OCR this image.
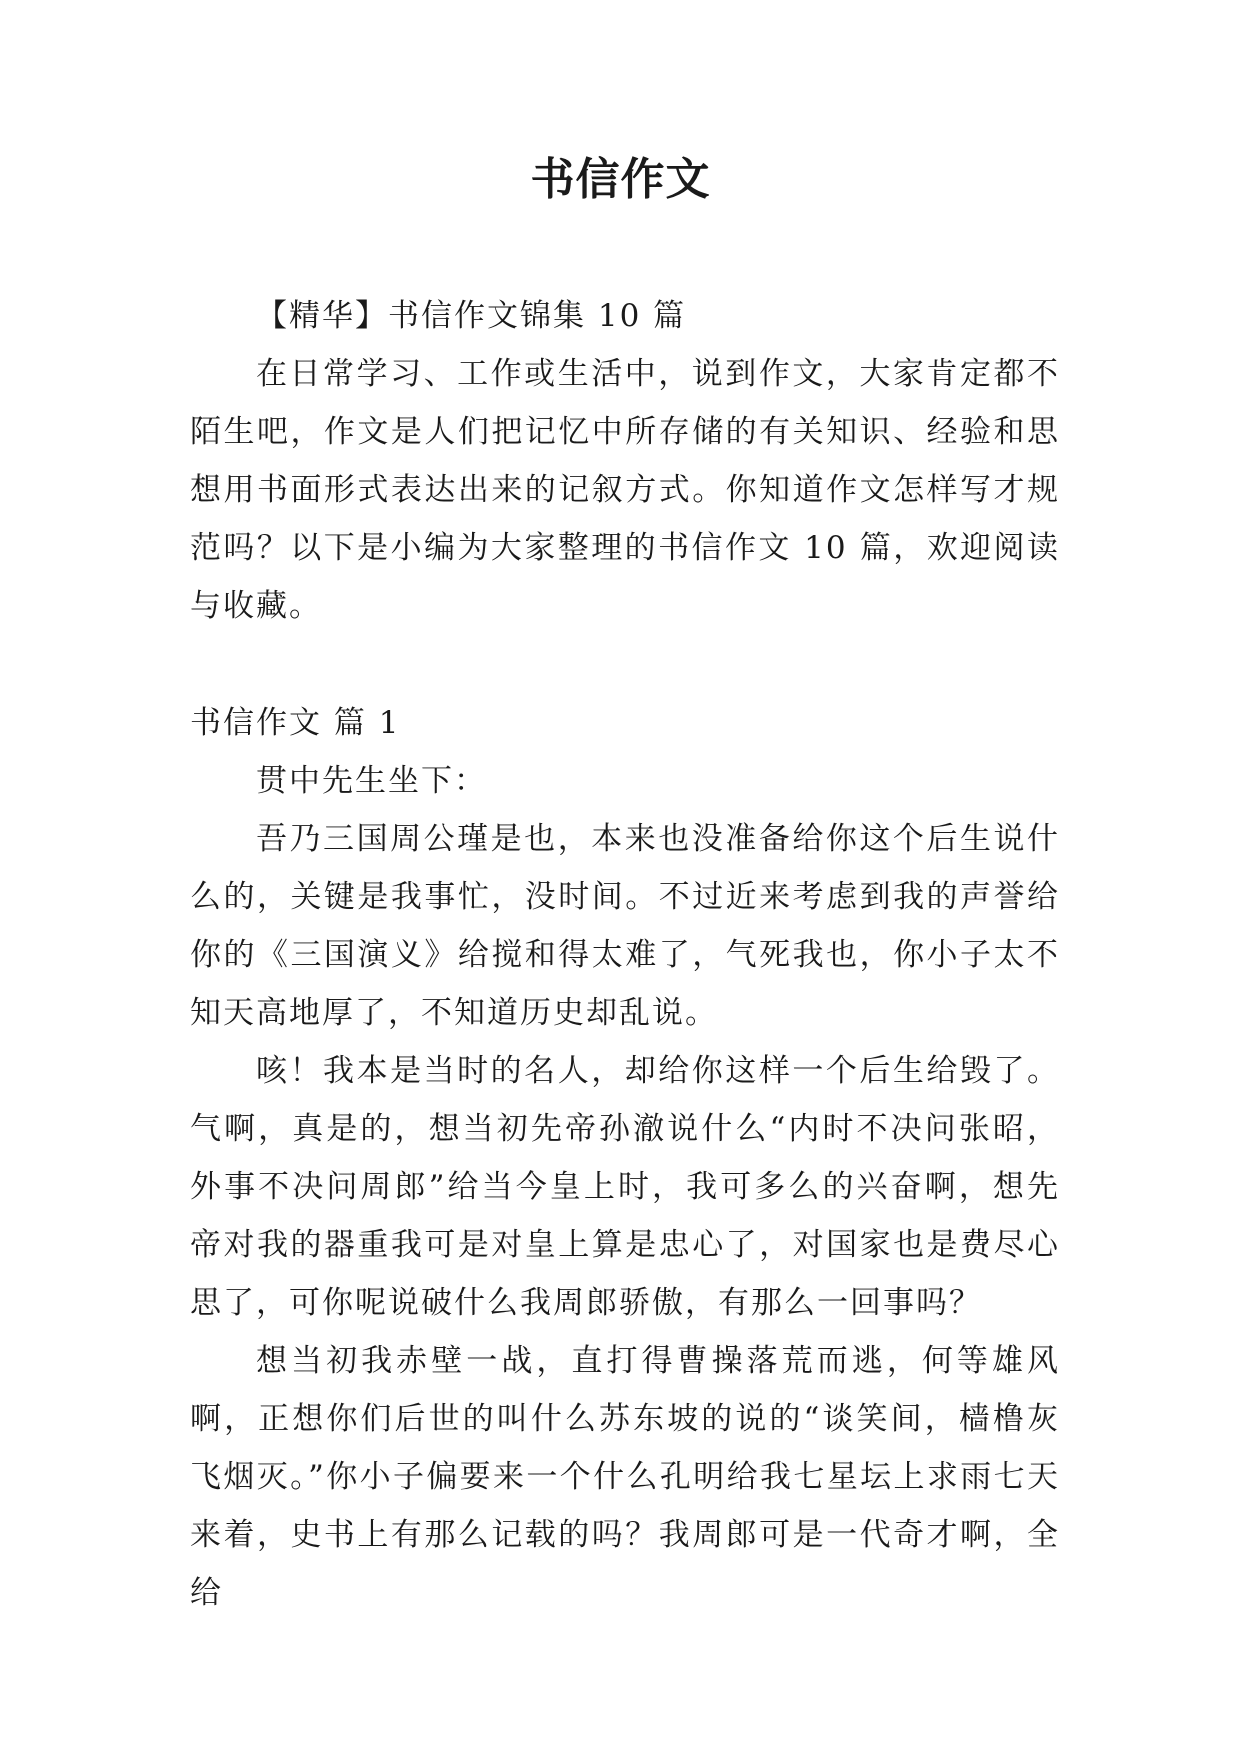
书信作文

【精华】书信作文锦集 10 篇

在日常学习、工作或生活中，说到作文，大家肯定都不陌生吧，作文是人们把记忆中所存储的有关知识、经验和思想用书面形式表达出来的记叙方式。你知道作文怎样写才规范吗？以下是小编为大家整理的书信作文 10 篇，欢迎阅读与收藏。

书信作文 篇 1

贯中先生坐下：

吾乃三国周公瑾是也，本来也没准备给你这个后生说什么的，关键是我事忙，没时间。不过近来考虑到我的声誉给你的《三国演义》给搅和得太难了，气死我也，你小子太不知天高地厚了，不知道历史却乱说。

咳！我本是当时的名人，却给你这样一个后生给毁了。气啊，真是的，想当初先帝孙澈说什么“内时不决问张昭，外事不决问周郎”给当今皇上时，我可多么的兴奋啊，想先帝对我的器重我可是对皇上算是忠心了，对国家也是费尽心思了，可你呢说破什么我周郎骄傲，有那么一回事吗？

想当初我赤壁一战，直打得曹操落荒而逃，何等雄风啊，正想你们后世的叫什么苏东坡的说的“谈笑间，樯橹灰飞烟灭。”你小子偏要来一个什么孔明给我七星坛上求雨七天来着，史书上有那么记载的吗？我周郎可是一代奇才啊，全给
